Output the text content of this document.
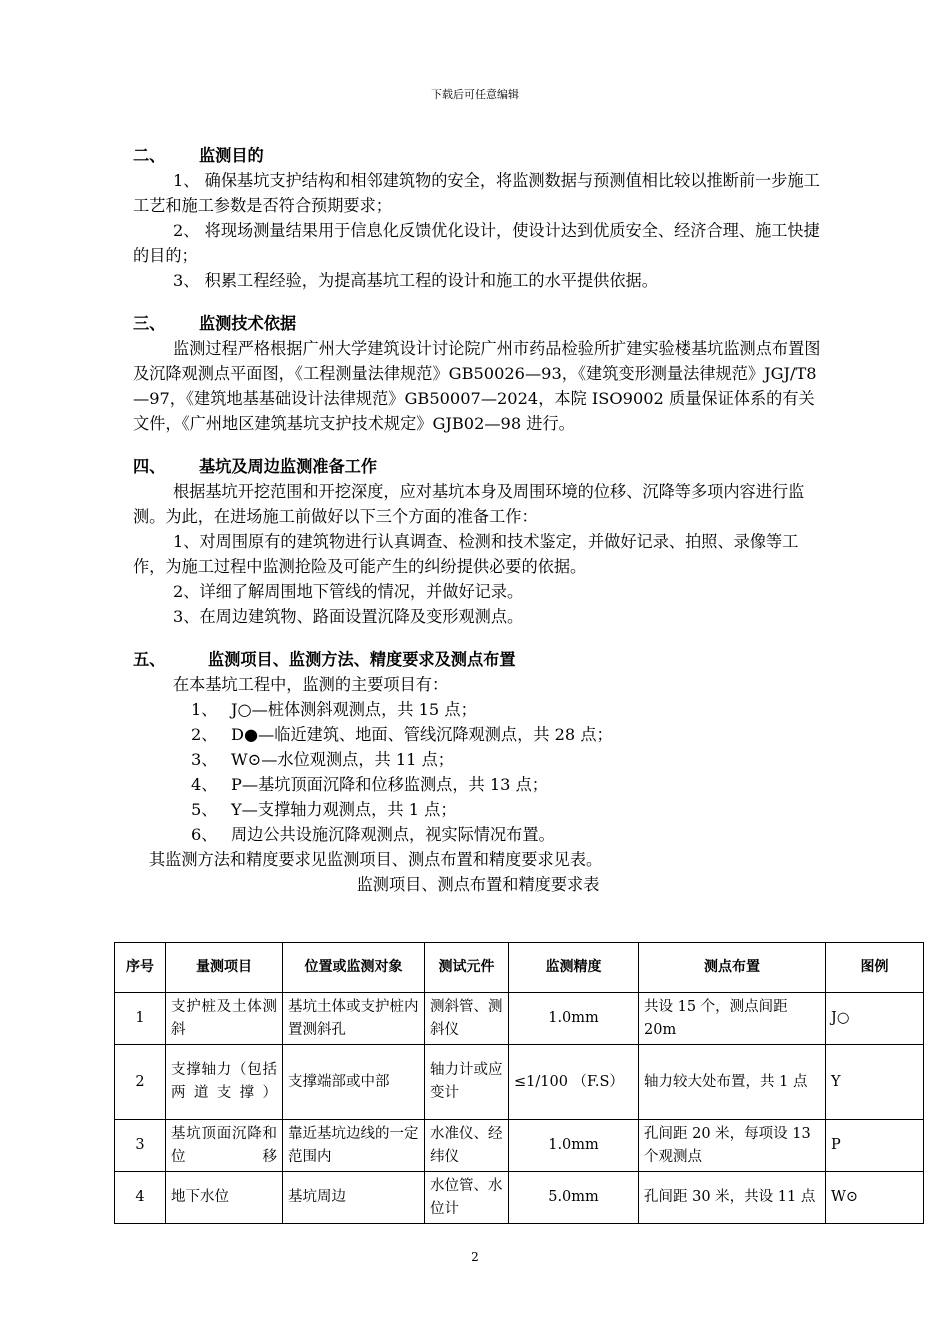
下载后可任意编辑
二、 监测目的
1、 确保基坑支护结构和相邻建筑物的安全，将监测数据与预测值相比较以推断前一步施工工艺和施工参数是否符合预期要求；
2、 将现场测量结果用于信息化反馈优化设计，使设计达到优质安全、经济合理、施工快捷的目的；
3、 积累工程经验，为提高基坑工程的设计和施工的水平提供依据。
三、 监测技术依据
监测过程严格根据广州大学建筑设计讨论院广州市药品检验所扩建实验楼基坑监测点布置图及沉降观测点平面图，《工程测量法律规范》GB50026—93，《建筑变形测量法律规范》JGJ/T8—97，《建筑地基基础设计法律规范》GB50007—2024，本院 ISO9002 质量保证体系的有关文件，《广州地区建筑基坑支护技术规定》GJB02—98 进行。
四、 基坑及周边监测准备工作
根据基坑开挖范围和开挖深度，应对基坑本身及周围环境的位移、沉降等多项内容进行监测。为此，在进场施工前做好以下三个方面的准备工作：
1、对周围原有的建筑物进行认真调查、检测和技术鉴定，并做好记录、拍照、录像等工作，为施工过程中监测抢险及可能产生的纠纷提供必要的依据。
2、详细了解周围地下管线的情况，并做好记录。
3、在周边建筑物、路面设置沉降及变形观测点。
五、	监测项目、监测方法、精度要求及测点布置
在本基坑工程中，监测的主要项目有：
1、 J○—桩体测斜观测点，共 15 点；
2、 D●—临近建筑、地面、管线沉降观测点，共 28 点；
3、 W⊙—水位观测点，共 11 点；
4、 P—基坑顶面沉降和位移监测点，共 13 点；
5、 Y—支撑轴力观测点，共 1 点；
6、 周边公共设施沉降观测点，视实际情况布置。
其监测方法和精度要求见监测项目、测点布置和精度要求见表。
监测项目、测点布置和精度要求表
序号	量测项目	位置或监测对象	测试元件	监测精度	测点布置	图例
1	支护桩及土体测斜	基坑土体或支护桩内置测斜孔	测斜管、测斜仪	1.0mm	共设 15 个，测点间距 20m	J○
2	支撑轴力（包括两道支撑）	支撑端部或中部	轴力计或应变计	≤1/100 （F.S）	轴力较大处布置，共 1 点	Y
3	基坑顶面沉降和位移	靠近基坑边线的一定范围内	水准仪、经纬仪	1.0mm	孔间距 20 米，每项设 13 个观测点	P
4	地下水位	基坑周边	水位管、水位计	5.0mm	孔间距 30 米，共设 11 点	W⊙
2
